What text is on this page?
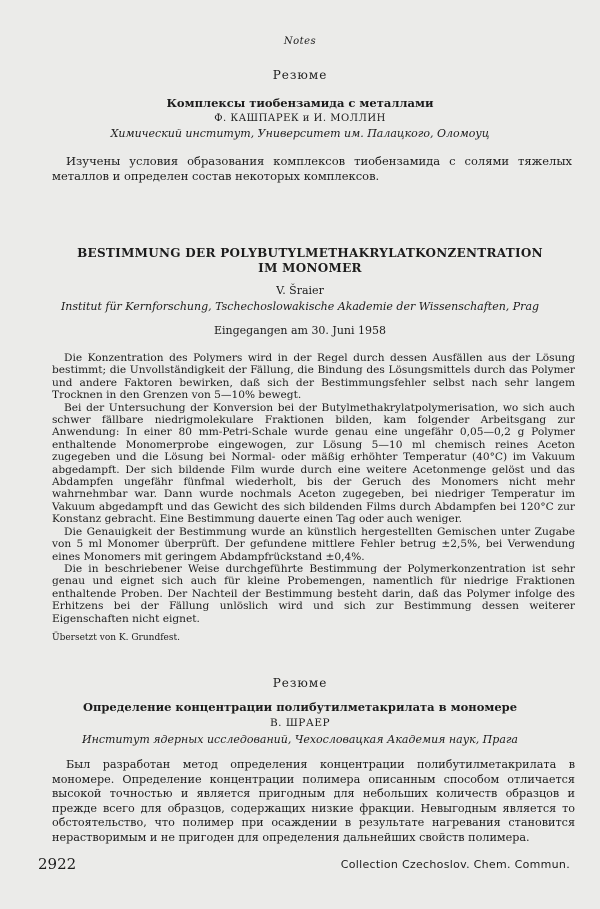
Notes
Резюме
Комплексы тиобензамида с металлами
Ф. КАШПАРЕК и И. МОЛЛИН
Химический институт, Университет им. Палацкого, Оломоуц
Изучены условия образования комплексов тиобензамида с солями тяжелых металлов и определен состав некоторых комплексов.
BESTIMMUNG DER POLYBUTYLMETHAKRYLATKONZENTRATION
IM MONOMER
V. Šraier
Institut für Kernforschung, Tschechoslowakische Akademie der Wissenschaften, Prag
Eingegangen am 30. Juni 1958

Die Konzentration des Polymers wird in der Regel durch dessen Ausfällen aus der Lösung bestimmt; die Unvollständigkeit der Fällung, die Bindung des Lösungsmittels durch das Polymer und andere Faktoren bewirken, daß sich der Bestimmungsfehler selbst nach sehr langem Trocknen in den Grenzen von 5—10% bewegt.

Bei der Untersuchung der Konversion bei der Butylmethakrylatpolymerisation, wo sich auch schwer fällbare niedrigmolekulare Fraktionen bilden, kam folgender Arbeitsgang zur Anwendung: In einer 80 mm-Petri-Schale wurde genau eine ungefähr 0,05—0,2 g Polymer enthaltende Monomerprobe eingewogen, zur Lösung 5—10 ml chemisch reines Aceton zugegeben und die Lösung bei Normal- oder mäßig erhöhter Temperatur (40°C) im Vakuum abgedampft. Der sich bildende Film wurde durch eine weitere Acetonmenge gelöst und das Abdampfen ungefähr fünfmal wiederholt, bis der Geruch des Monomers nicht mehr wahrnehmbar war. Dann wurde nochmals Aceton zugegeben, bei niedriger Temperatur im Vakuum abgedampft und das Gewicht des sich bildenden Films durch Abdampfen bei 120°C zur Konstanz gebracht. Eine Bestimmung dauerte einen Tag oder auch weniger.

Die Genauigkeit der Bestimmung wurde an künstlich hergestellten Gemischen unter Zugabe von 5 ml Monomer überprüft. Der gefundene mittlere Fehler betrug ±2,5%, bei Verwendung eines Monomers mit geringem Abdampfrückstand ±0,4%.

Die in beschriebener Weise durchgeführte Bestimmung der Polymerkonzentration ist sehr genau und eignet sich auch für kleine Probemengen, namentlich für niedrige Fraktionen enthaltende Proben. Der Nachteil der Bestimmung besteht darin, daß das Polymer infolge des Erhitzens bei der Fällung unlöslich wird und sich zur Bestimmung dessen weiterer Eigenschaften nicht eignet.

Übersetzt von K. Grundfest.
Резюме
Определение концентрации полибутилметакрилата в мономере
В. ШРАЕР
Институт ядерных исследований, Чехословацкая Академия наук, Прага

Был разработан метод определения концентрации полибутилметакрилата в мономере. Определение концентрации полимера описанным способом отличается высокой точностью и является пригодным для небольших количеств образцов и прежде всего для образцов, содержащих низкие фракции. Невыгодным является то обстоятельство, что полимер при осаждении в результате нагревания становится нерастворимым и не пригоден для определения дальнейших свойств полимера.

2922	Collection Czechoslov. Chem. Commun.
